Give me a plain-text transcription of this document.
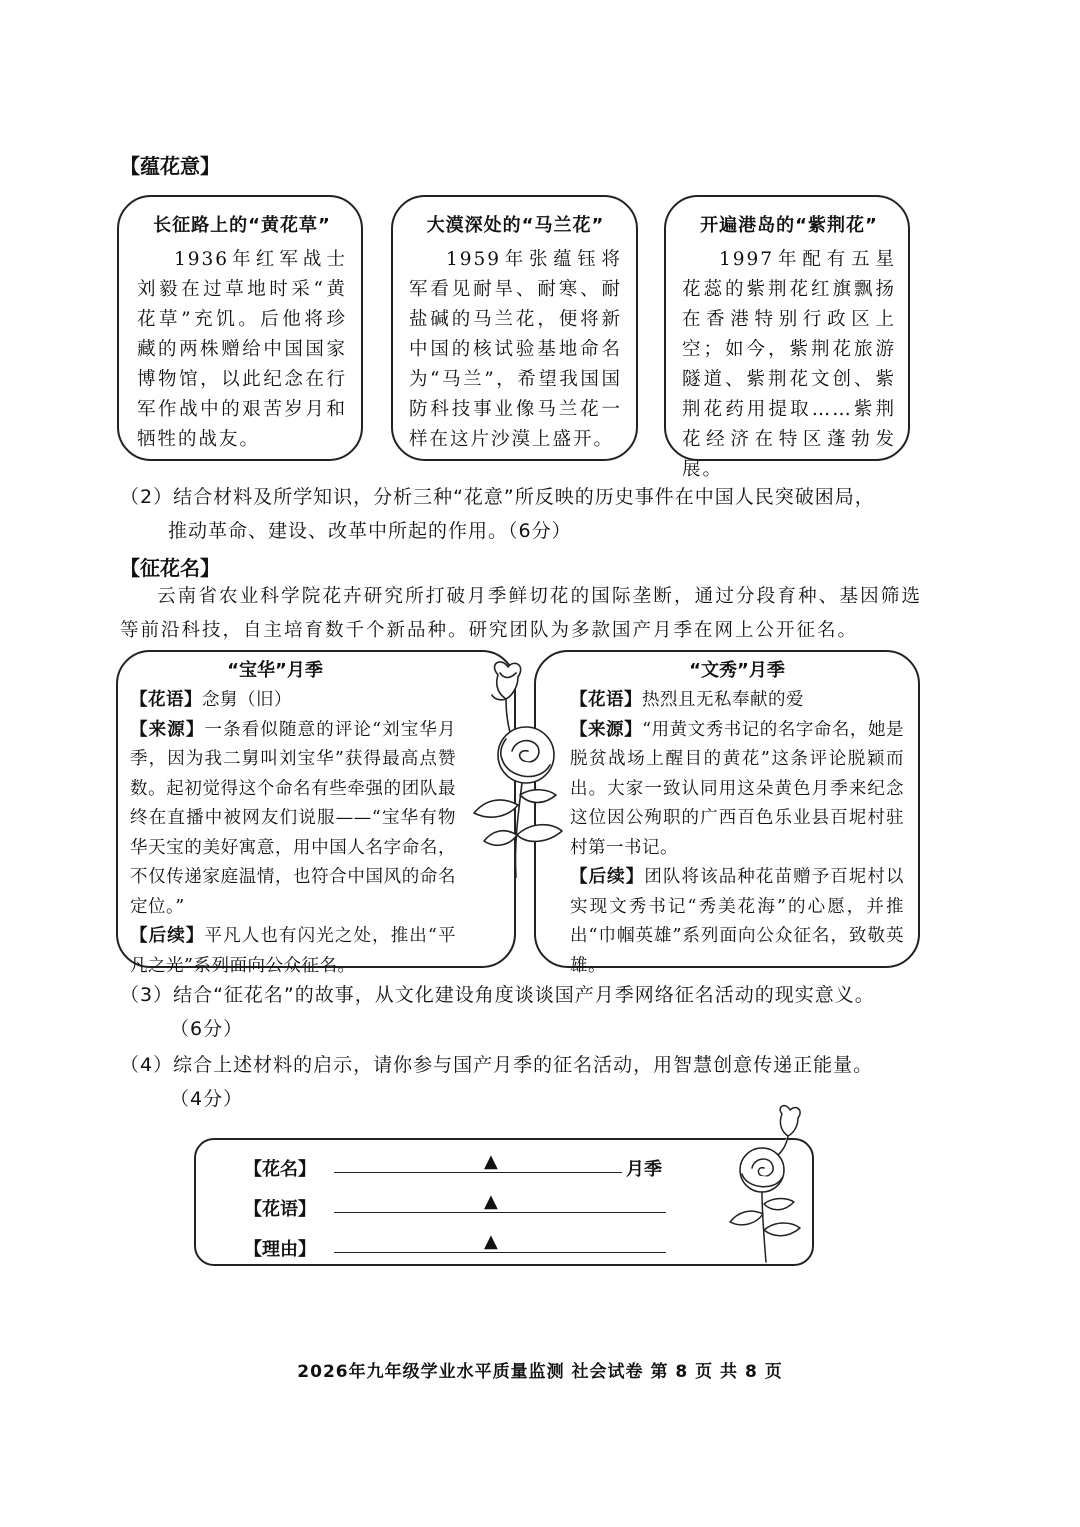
【蕴花意】
长征路上的“黄花草”
1936年红军战士刘毅在过草地时采“黄花草”充饥。后他将珍藏的两株赠给中国国家博物馆，以此纪念在行军作战中的艰苦岁月和牺牲的战友。
大漠深处的“马兰花”
1959年张蕴钰将军看见耐旱、耐寒、耐盐碱的马兰花，便将新中国的核试验基地命名为“马兰”，希望我国国防科技事业像马兰花一样在这片沙漠上盛开。
开遍港岛的“紫荆花”
1997年配有五星花蕊的紫荆花红旗飘扬在香港特别行政区上空；如今，紫荆花旅游隧道、紫荆花文创、紫荆花药用提取……紫荆花经济在特区蓬勃发展。
（2）结合材料及所学知识，分析三种“花意”所反映的历史事件在中国人民突破困局，
推动革命、建设、改革中所起的作用。（6分）
【征花名】
云南省农业科学院花卉研究所打破月季鲜切花的国际垄断，通过分段育种、基因筛选等前沿科技，自主培育数千个新品种。研究团队为多款国产月季在网上公开征名。
“宝华”月季
【花语】念舅（旧）
【来源】一条看似随意的评论“刘宝华月季，因为我二舅叫刘宝华”获得最高点赞数。起初觉得这个命名有些牵强的团队最终在直播中被网友们说服——“宝华有物华天宝的美好寓意，用中国人名字命名，不仅传递家庭温情，也符合中国风的命名定位。”
【后续】平凡人也有闪光之处，推出“平凡之光”系列面向公众征名。
“文秀”月季
【花语】热烈且无私奉献的爱
【来源】“用黄文秀书记的名字命名，她是脱贫战场上醒目的黄花”这条评论脱颖而出。大家一致认同用这朵黄色月季来纪念这位因公殉职的广西百色乐业县百坭村驻村第一书记。
【后续】团队将该品种花苗赠予百坭村以实现文秀书记“秀美花海”的心愿，并推出“巾帼英雄”系列面向公众征名，致敬英雄。
（3）结合“征花名”的故事，从文化建设角度谈谈国产月季网络征名活动的现实意义。
（6分）
（4）综合上述材料的启示，请你参与国产月季的征名活动，用智慧创意传递正能量。
（4分）
【花名】	▲	月季
【花语】	▲
【理由】	▲
2026年九年级学业水平质量监测 社会试卷 第 8 页 共 8 页
